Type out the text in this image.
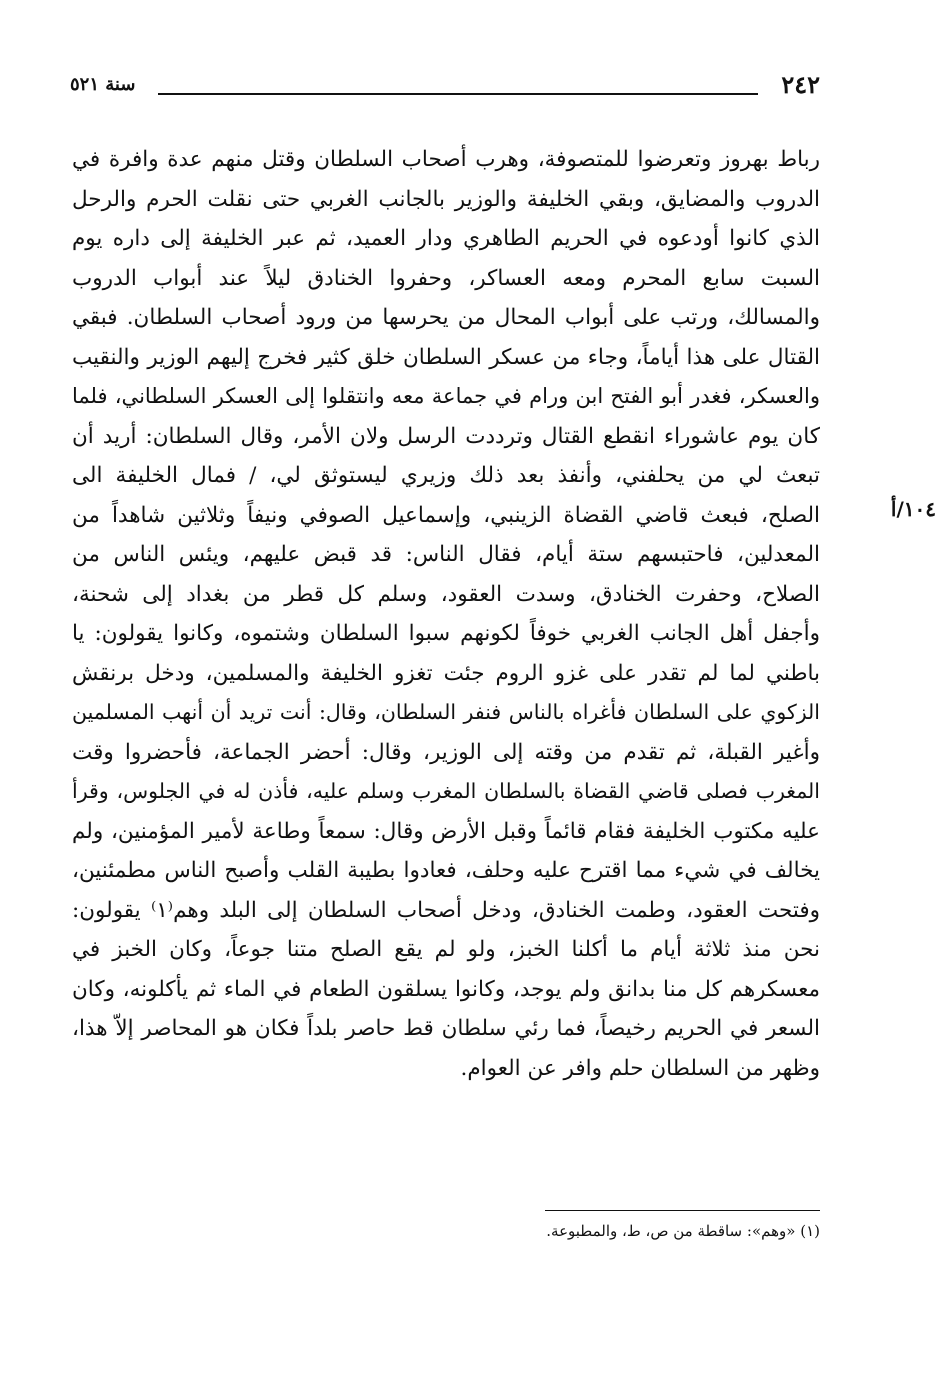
٢٤٢
سنة ٥٢١
١٠٤/أ
رباط بهروز وتعرضوا للمتصوفة، وهرب أصحاب السلطان وقتل منهم عدة وافرة في
الدروب والمضايق، وبقي الخليفة والوزير بالجانب الغربي حتى نقلت الحرم والرحل
الذي كانوا أودعوه في الحريم الطاهري ودار العميد، ثم عبر الخليفة إلى داره يوم
السبت سابع المحرم ومعه العساكر، وحفروا الخنادق ليلاً عند أبواب الدروب
والمسالك، ورتب على أبواب المحال من يحرسها من ورود أصحاب السلطان. فبقي
القتال على هذا أياماً، وجاء من عسكر السلطان خلق كثير فخرج إليهم الوزير والنقيب
والعسكر، فغدر أبو الفتح ابن ورام في جماعة معه وانتقلوا إلى العسكر السلطاني، فلما
كان يوم عاشوراء انقطع القتال وترددت الرسل ولان الأمر، وقال السلطان: أريد أن
تبعث لي من يحلفني، وأنفذ بعد ذلك وزيري ليستوثق لي، / فمال الخليفة الى
الصلح، فبعث قاضي القضاة الزينبي، وإسماعيل الصوفي ونيفاً وثلاثين شاهداً من
المعدلين، فاحتبسهم ستة أيام، فقال الناس: قد قبض عليهم، ويئس الناس من
الصلاح، وحفرت الخنادق، وسدت العقود، وسلم كل قطر من بغداد إلى شحنة،
وأجفل أهل الجانب الغربي خوفاً لكونهم سبوا السلطان وشتموه، وكانوا يقولون: يا
باطني لما لم تقدر على غزو الروم جئت تغزو الخليفة والمسلمين، ودخل برنقش
الزكوي على السلطان فأغراه بالناس فنفر السلطان، وقال: أنت تريد أن أنهب المسلمين
وأغير القبلة، ثم تقدم من وقته إلى الوزير، وقال: أحضر الجماعة، فأحضروا وقت
المغرب فصلى قاضي القضاة بالسلطان المغرب وسلم عليه، فأذن له في الجلوس، وقرأ
عليه مكتوب الخليفة فقام قائماً وقبل الأرض وقال: سمعاً وطاعة لأمير المؤمنين، ولم
يخالف في شيء مما اقترح عليه وحلف، فعادوا بطيبة القلب وأصبح الناس مطمئنين،
وفتحت العقود، وطمت الخنادق، ودخل أصحاب السلطان إلى البلد وهم⁽١⁾ يقولون:
نحن منذ ثلاثة أيام ما أكلنا الخبز، ولو لم يقع الصلح متنا جوعاً، وكان الخبز في
معسكرهم كل منا بدانق ولم يوجد، وكانوا يسلقون الطعام في الماء ثم يأكلونه، وكان
السعر في الحريم رخيصاً، فما رئي سلطان قط حاصر بلداً فكان هو المحاصر إلاّ هذا،
وظهر من السلطان حلم وافر عن العوام.
(١) «وهم»: ساقطة من ص، ط، والمطبوعة.
